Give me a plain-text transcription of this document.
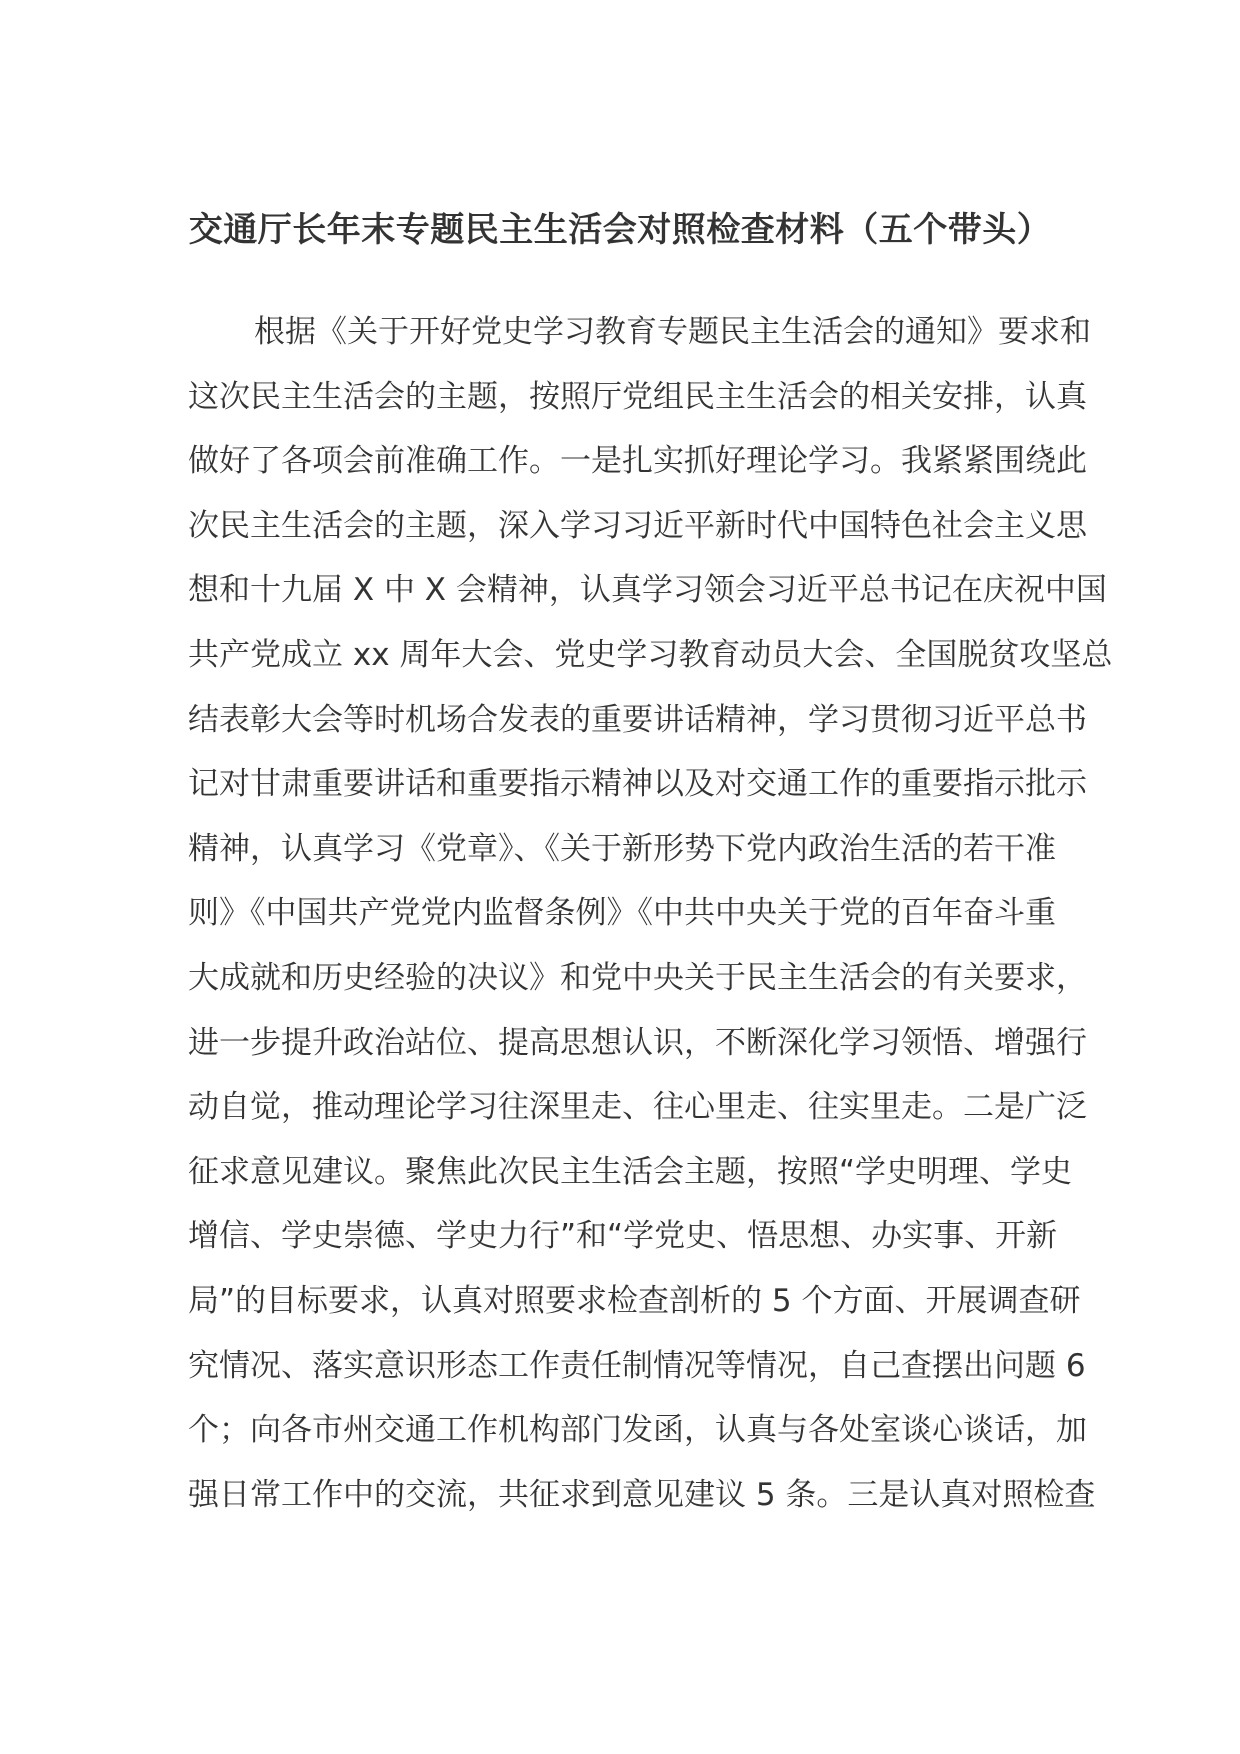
交通厅长年末专题民主生活会对照检查材料（五个带头）
根据《关于开好党史学习教育专题民主生活会的通知》要求和
这次民主生活会的主题，按照厅党组民主生活会的相关安排，认真
做好了各项会前准确工作。一是扎实抓好理论学习。我紧紧围绕此
次民主生活会的主题，深入学习习近平新时代中国特色社会主义思
想和十九届 X 中 X 会精神，认真学习领会习近平总书记在庆祝中国
共产党成立 xx 周年大会、党史学习教育动员大会、全国脱贫攻坚总
结表彰大会等时机场合发表的重要讲话精神，学习贯彻习近平总书
记对甘肃重要讲话和重要指示精神以及对交通工作的重要指示批示
精神，认真学习《党章》、《关于新形势下党内政治生活的若干准
则》《中国共产党党内监督条例》《中共中央关于党的百年奋斗重
大成就和历史经验的决议》和党中央关于民主生活会的有关要求，
进一步提升政治站位、提高思想认识，不断深化学习领悟、增强行
动自觉，推动理论学习往深里走、往心里走、往实里走。二是广泛
征求意见建议。聚焦此次民主生活会主题，按照“学史明理、学史
增信、学史崇德、学史力行”和“学党史、悟思想、办实事、开新
局”的目标要求，认真对照要求检查剖析的 5 个方面、开展调查研
究情况、落实意识形态工作责任制情况等情况，自己查摆出问题 6
个；向各市州交通工作机构部门发函，认真与各处室谈心谈话，加
强日常工作中的交流，共征求到意见建议 5 条。三是认真对照检查
